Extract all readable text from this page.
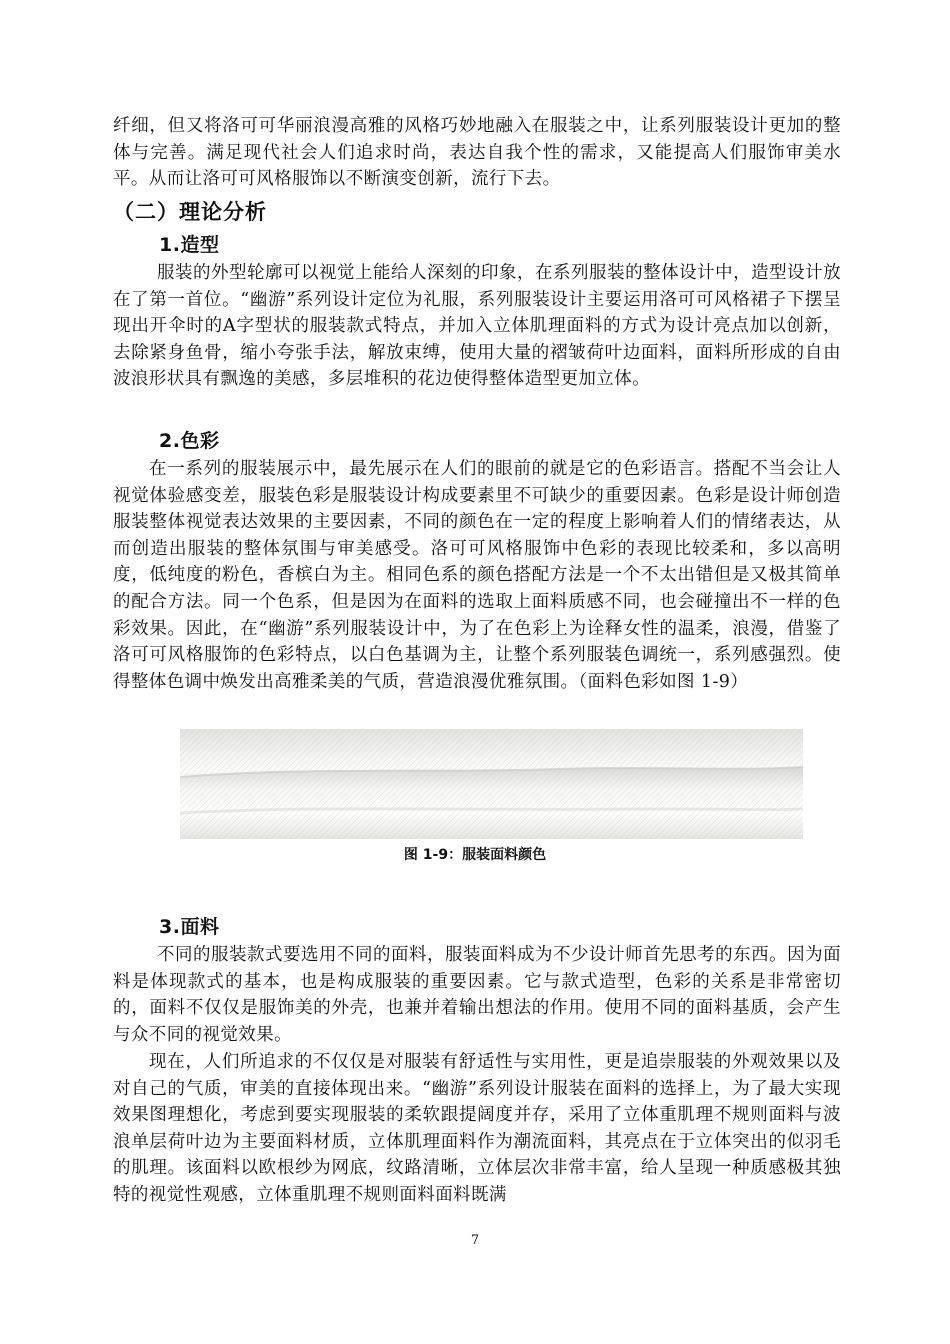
纤细，但又将洛可可华丽浪漫高雅的风格巧妙地融入在服装之中，让系列服装设计更加的整体与完善。满足现代社会人们追求时尚，表达自我个性的需求，又能提高人们服饰审美水平。从而让洛可可风格服饰以不断演变创新，流行下去。

（二）理论分析
1.造型

服装的外型轮廓可以视觉上能给人深刻的印象，在系列服装的整体设计中，造型设计放在了第一首位。“幽游”系列设计定位为礼服，系列服装设计主要运用洛可可风格裙子下摆呈现出开伞时的A字型状的服装款式特点，并加入立体肌理面料的方式为设计亮点加以创新，去除紧身鱼骨，缩小夸张手法，解放束缚，使用大量的褶皱荷叶边面料，面料所形成的自由波浪形状具有飘逸的美感，多层堆积的花边使得整体造型更加立体。

2.色彩

在一系列的服装展示中，最先展示在人们的眼前的就是它的色彩语言。搭配不当会让人视觉体验感变差，服装色彩是服装设计构成要素里不可缺少的重要因素。色彩是设计师创造服装整体视觉表达效果的主要因素，不同的颜色在一定的程度上影响着人们的情绪表达，从而创造出服装的整体氛围与审美感受。洛可可风格服饰中色彩的表现比较柔和，多以高明度，低纯度的粉色，香槟白为主。相同色系的颜色搭配方法是一个不太出错但是又极其简单的配合方法。同一个色系，但是因为在面料的选取上面料质感不同，也会碰撞出不一样的色彩效果。因此，在“幽游”系列服装设计中，为了在色彩上为诠释女性的温柔，浪漫，借鉴了洛可可风格服饰的色彩特点，以白色基调为主，让整个系列服装色调统一，系列感强烈。使得整体色调中焕发出高雅柔美的气质，营造浪漫优雅氛围。（面料色彩如图 1-9）

图 1-9：服装面料颜色

3.面料

不同的服装款式要选用不同的面料，服装面料成为不少设计师首先思考的东西。因为面料是体现款式的基本，也是构成服装的重要因素。它与款式造型，色彩的关系是非常密切的，面料不仅仅是服饰美的外壳，也兼并着输出想法的作用。使用不同的面料基质，会产生与众不同的视觉效果。

现在，人们所追求的不仅仅是对服装有舒适性与实用性，更是追崇服装的外观效果以及对自己的气质，审美的直接体现出来。“幽游”系列设计服装在面料的选择上，为了最大实现效果图理想化，考虑到要实现服装的柔软跟提阔度并存，采用了立体重肌理不规则面料与波浪单层荷叶边为主要面料材质，立体肌理面料作为潮流面料，其亮点在于立体突出的似羽毛的肌理。该面料以欧根纱为网底，纹路清晰，立体层次非常丰富，给人呈现一种质感极其独特的视觉性观感，立体重肌理不规则面料面料既满

7
